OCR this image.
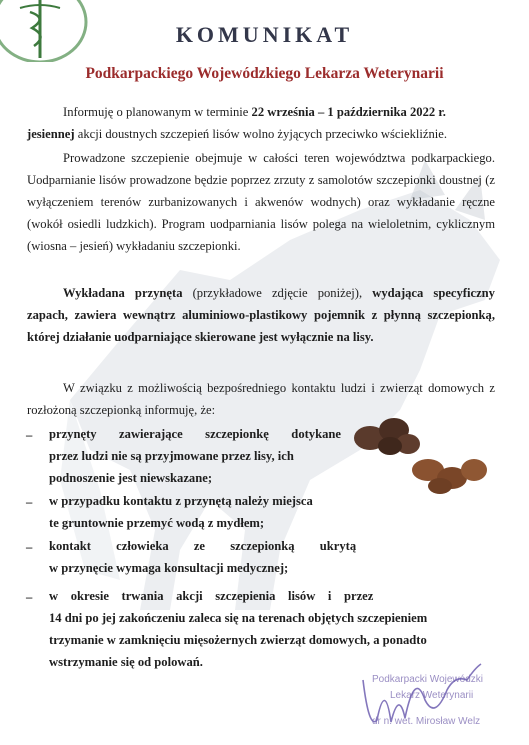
KOMUNIKAT
Podkarpackiego Wojewódzkiego Lekarza Weterynarii
Informuję o planowanym w terminie 22 września – 1 października 2022 r.
jesiennej akcji doustnych szczepień lisów wolno żyjących przeciwko wściekliźnie.
Prowadzone szczepienie obejmuje w całości teren województwa podkarpackiego. Uodparnianie lisów prowadzone będzie poprzez zrzuty z samolotów szczepionki doustnej (z wyłączeniem terenów zurbanizowanych i akwenów wodnych) oraz wykładanie ręczne (wokół osiedli ludzkich). Program uodparniania lisów polega na wieloletnim, cyklicznym (wiosna – jesień) wykładaniu szczepionki.
Wykładana przynęta (przykładowe zdjęcie poniżej), wydająca specyficzny zapach, zawiera wewnątrz aluminiowo-plastikowy pojemnik z płynną szczepionką, której działanie uodparniające skierowane jest wyłącznie na lisy.
W związku z możliwością bezpośredniego kontaktu ludzi i zwierząt domowych z rozłożoną szczepionką informuję, że:
– przynęty zawierające szczepionkę dotykane
przez ludzi nie są przyjmowane przez lisy, ich
podnoszenie jest niewskazane;
– w przypadku kontaktu z przynętą należy miejsca
te gruntownie przemyć wodą z mydłem;
– kontakt        człowieka        ze        szczepionką        ukrytą
w przynęcie wymaga konsultacji medycznej;
– w    okresie    trwania    akcji    szczepienia    lisów    i    przez
14 dni po jej zakończeniu zaleca się na terenach objętych szczepieniem
trzymanie w zamknięciu mięsożernych zwierząt domowych, a ponadto
wstrzymanie się od polowań.
Podkarpacki Wojewódzki
Lekarz Weterynarii
dr n. wet. Mirosław Welz
